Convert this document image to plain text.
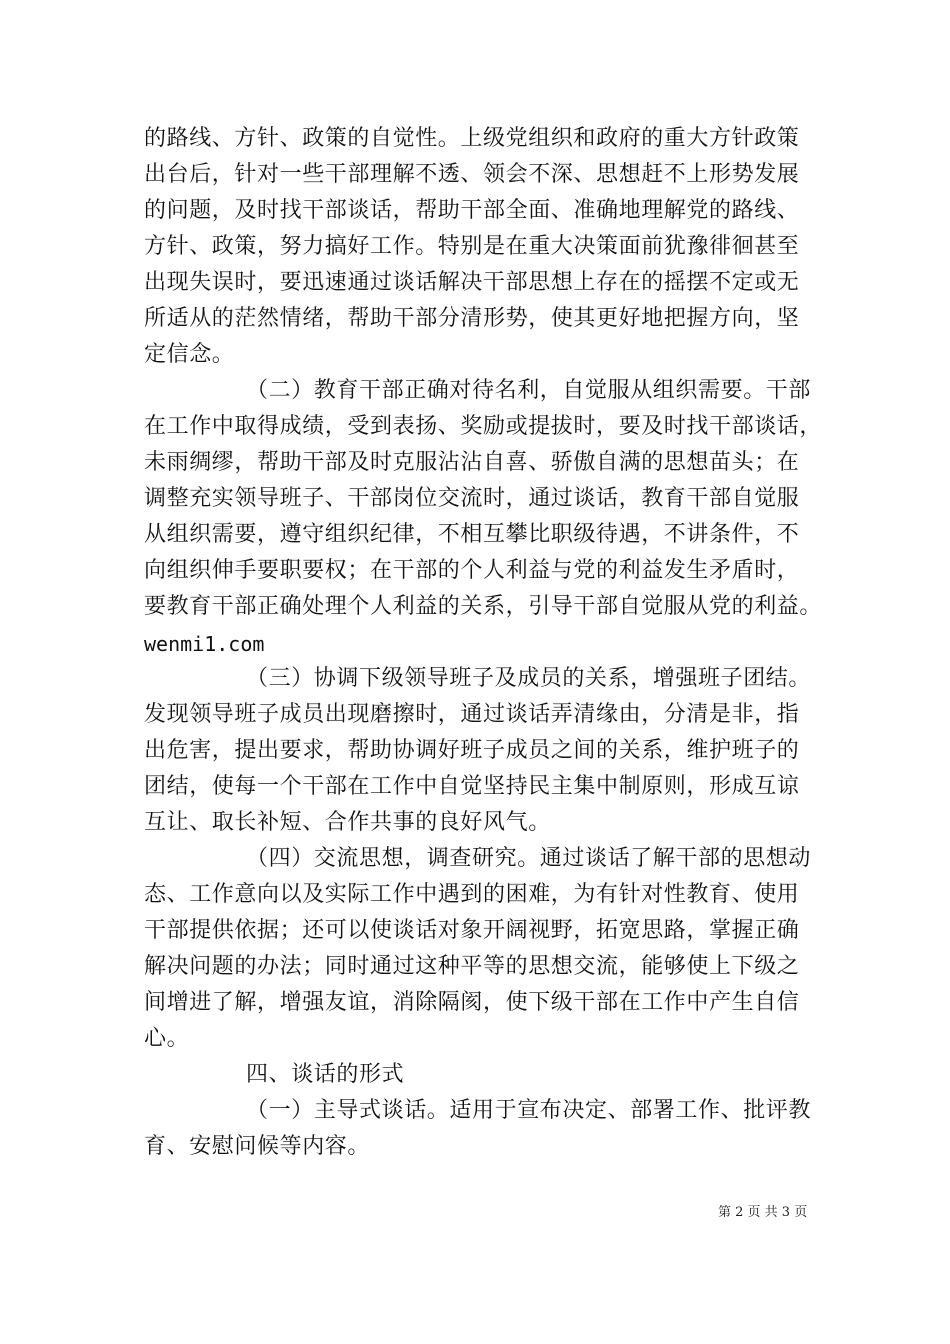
的路线、方针、政策的自觉性。上级党组织和政府的重大方针政策
出台后，针对一些干部理解不透、领会不深、思想赶不上形势发展
的问题，及时找干部谈话，帮助干部全面、准确地理解党的路线、
方针、政策，努力搞好工作。特别是在重大决策面前犹豫徘徊甚至
出现失误时，要迅速通过谈话解决干部思想上存在的摇摆不定或无
所适从的茫然情绪，帮助干部分清形势，使其更好地把握方向，坚
定信念。
（二）教育干部正确对待名利，自觉服从组织需要。干部
在工作中取得成绩，受到表扬、奖励或提拔时，要及时找干部谈话，
未雨绸缪，帮助干部及时克服沾沾自喜、骄傲自满的思想苗头；在
调整充实领导班子、干部岗位交流时，通过谈话，教育干部自觉服
从组织需要，遵守组织纪律，不相互攀比职级待遇，不讲条件，不
向组织伸手要职要权；在干部的个人利益与党的利益发生矛盾时，
要教育干部正确处理个人利益的关系，引导干部自觉服从党的利益。
wenmi1.com
（三）协调下级领导班子及成员的关系，增强班子团结。
发现领导班子成员出现磨擦时，通过谈话弄清缘由，分清是非，指
出危害，提出要求，帮助协调好班子成员之间的关系，维护班子的
团结，使每一个干部在工作中自觉坚持民主集中制原则，形成互谅
互让、取长补短、合作共事的良好风气。
（四）交流思想，调查研究。通过谈话了解干部的思想动
态、工作意向以及实际工作中遇到的困难，为有针对性教育、使用
干部提供依据；还可以使谈话对象开阔视野，拓宽思路，掌握正确
解决问题的办法；同时通过这种平等的思想交流，能够使上下级之
间增进了解，增强友谊，消除隔阂，使下级干部在工作中产生自信
心。
四、谈话的形式
（一）主导式谈话。适用于宣布决定、部署工作、批评教
育、安慰问候等内容。
第 2 页 共 3 页
